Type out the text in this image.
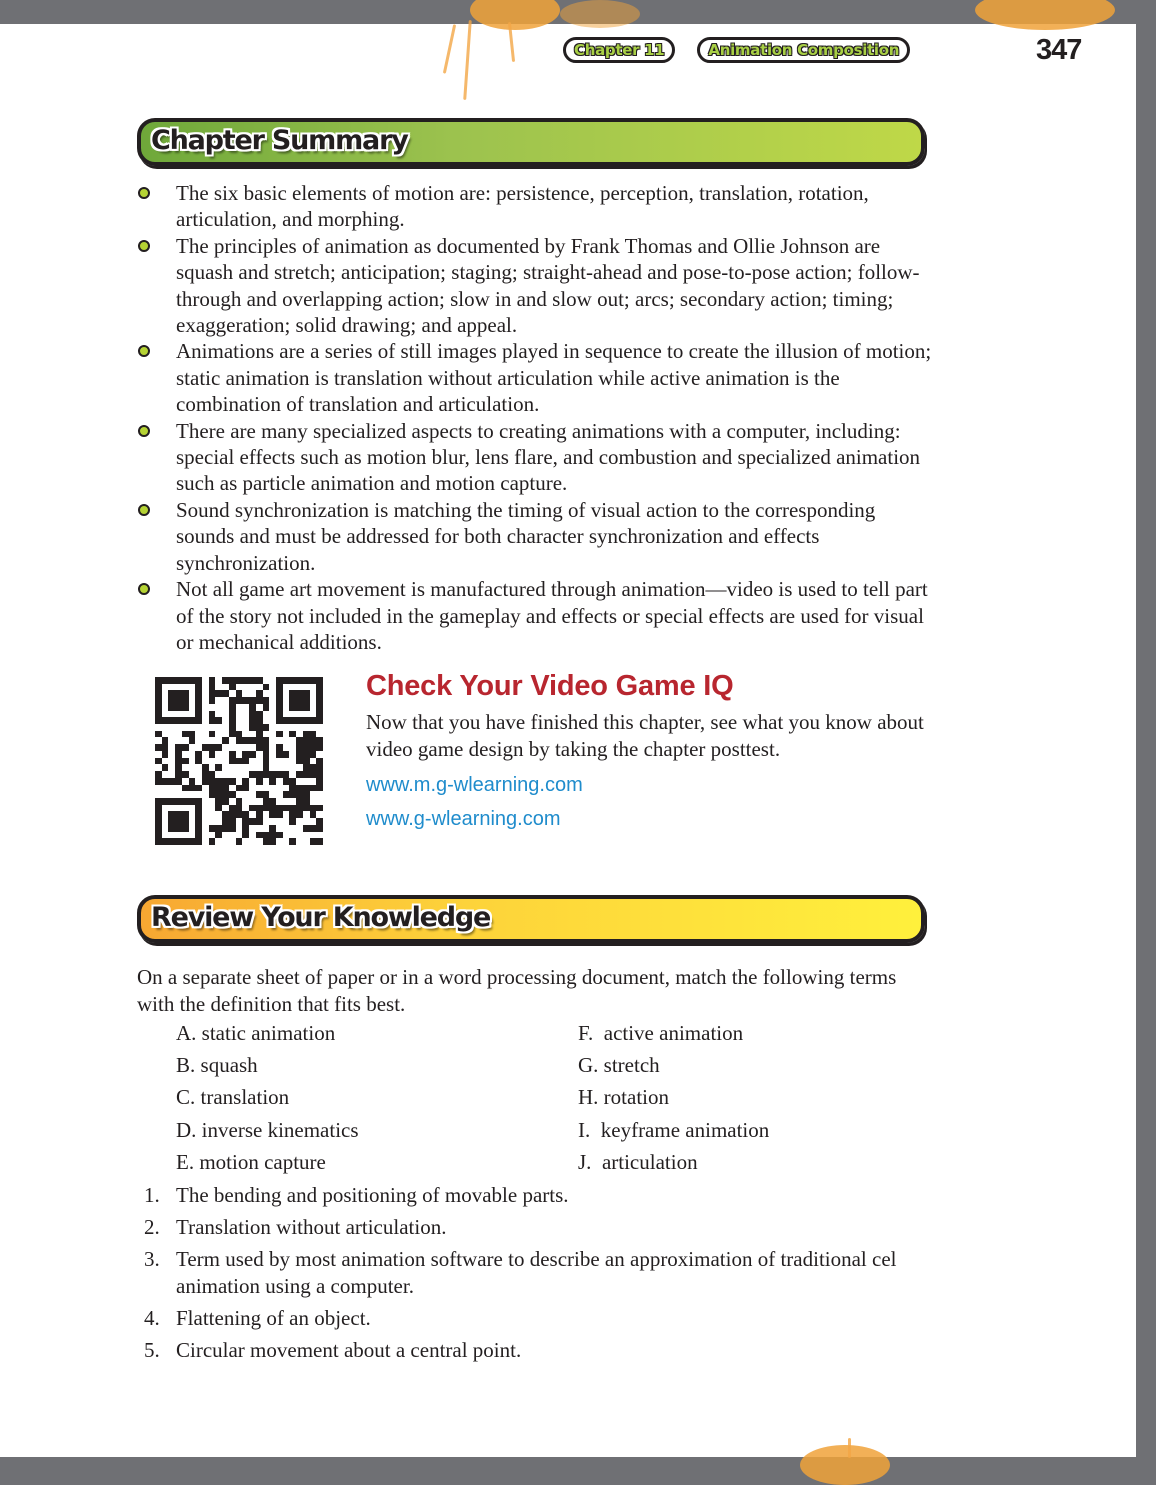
Chapter 11	Animation Composition	347
Chapter Summary
The six basic elements of motion are: persistence, perception, translation, rotation, articulation, and morphing.
The principles of animation as documented by Frank Thomas and Ollie Johnson are squash and stretch; anticipation; staging; straight-ahead and pose-to-pose action; follow-through and overlapping action; slow in and slow out; arcs; secondary action; timing; exaggeration; solid drawing; and appeal.
Animations are a series of still images played in sequence to create the illusion of motion; static animation is translation without articulation while active animation is the combination of translation and articulation.
There are many specialized aspects to creating animations with a computer, including: special effects such as motion blur, lens flare, and combustion and specialized animation such as particle animation and motion capture.
Sound synchronization is matching the timing of visual action to the corresponding sounds and must be addressed for both character synchronization and effects synchronization.
Not all game art movement is manufactured through animation—video is used to tell part of the story not included in the gameplay and effects or special effects are used for visual or mechanical additions.
Check Your Video Game IQ

Now that you have finished this chapter, see what you know about video game design by taking the chapter posttest.

www.m.g-wlearning.com
www.g-wlearning.com
Review Your Knowledge

On a separate sheet of paper or in a word processing document, match the following terms with the definition that fits best.

A. static animation	F. active animation
B. squash	G. stretch
C. translation	H. rotation
D. inverse kinematics	I. keyframe animation
E. motion capture	J. articulation
1. The bending and positioning of movable parts.
2. Translation without articulation.
3. Term used by most animation software to describe an approximation of traditional cel animation using a computer.
4. Flattening of an object.
5. Circular movement about a central point.
